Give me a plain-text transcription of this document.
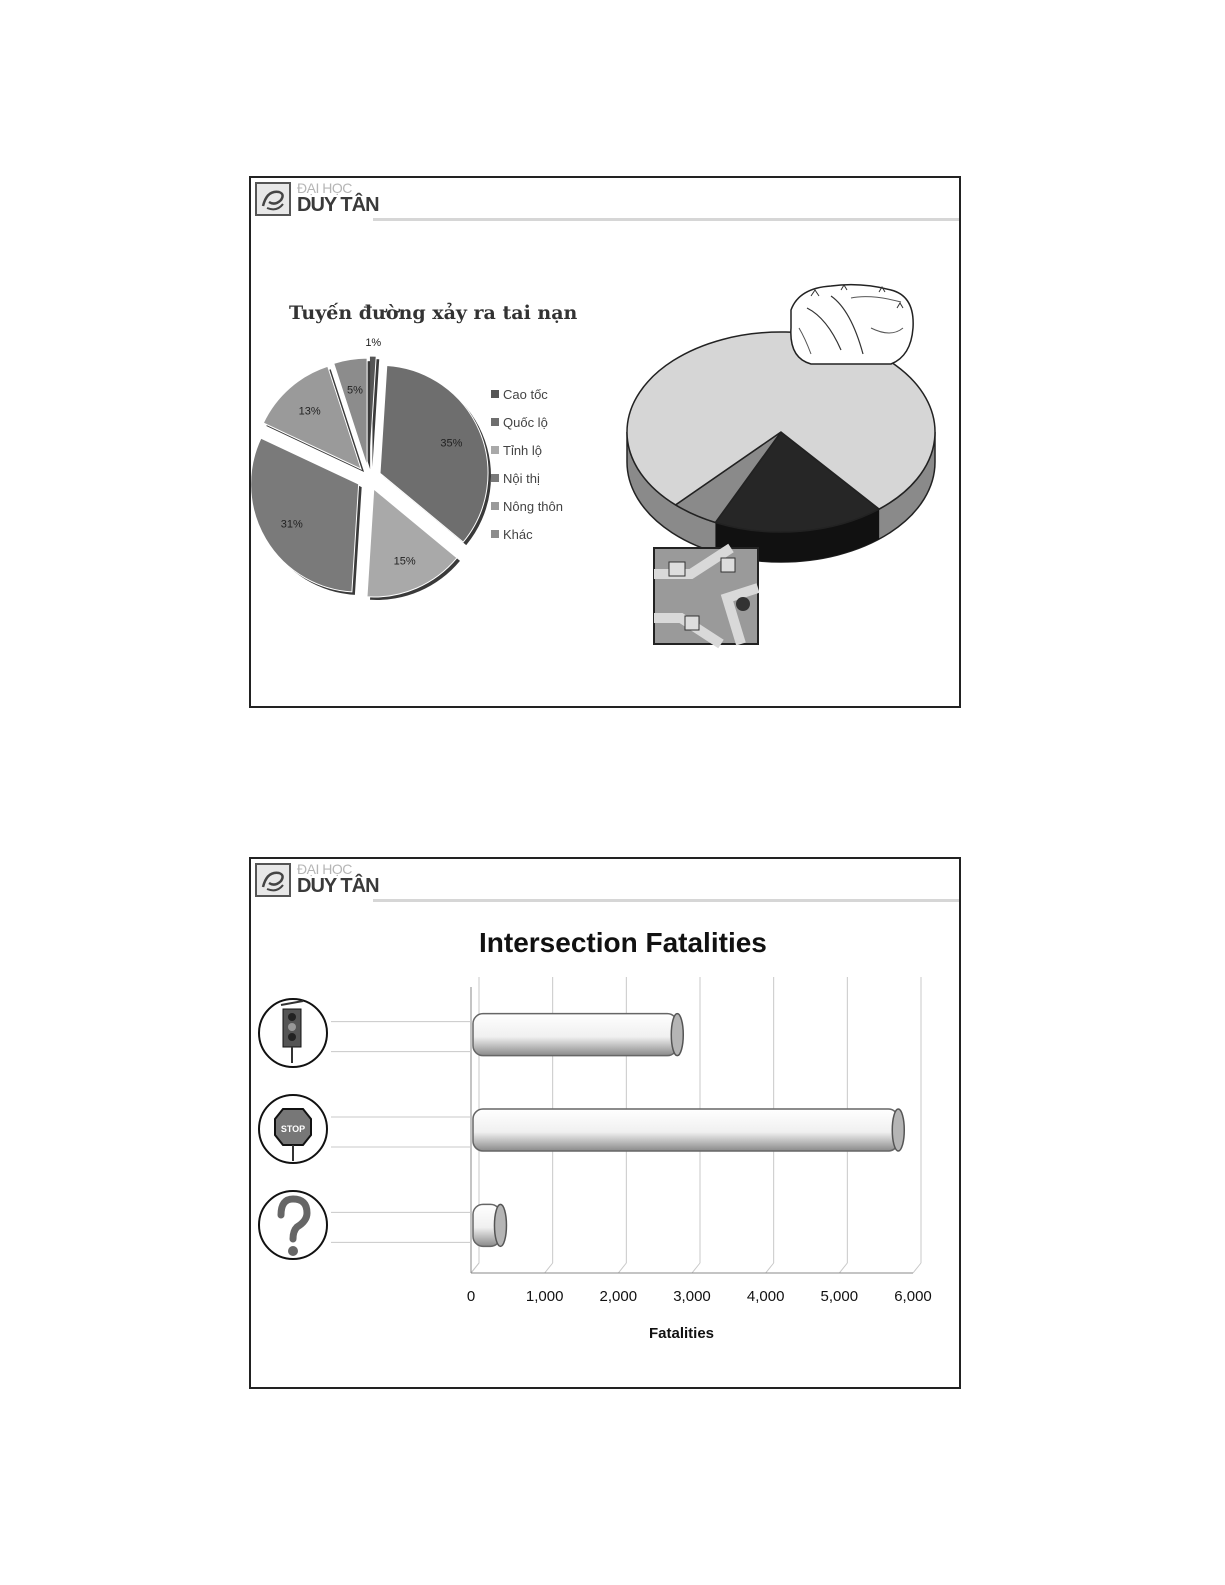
ĐẠI HỌC
DUY TÂN
Tuyến đường xảy ra tai nạn
1%
35%
15%
31%
13%
5%	Cao tốc
Quốc lộ
Tỉnh lộ
Nội thị
Nông thôn
Khác
ĐẠI HỌC
DUY TÂN
Intersection Fatalities
0	1,000 2,000 3,000 4,000 5,000 6,000
Fatalities
STOP
